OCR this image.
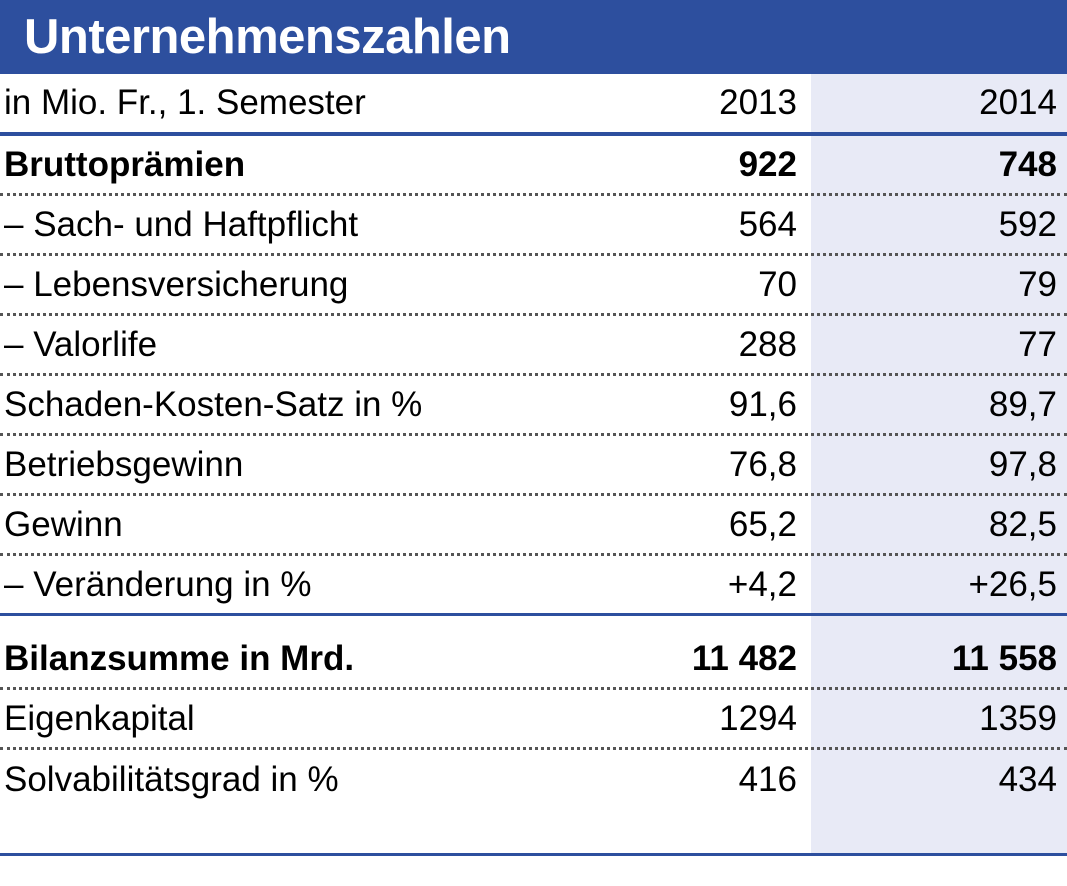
Unternehmenszahlen
in Mio. Fr., 1. Semester	2013	2014
Bruttoprämien	922	748
– Sach- und Haftpflicht	564	592
– Lebensversicherung	70	79
– Valorlife	288	77
Schaden-Kosten-Satz in %	91,6	89,7
Betriebsgewinn	76,8	97,8
Gewinn	65,2	82,5
– Veränderung in %	+4,2	+26,5
Bilanzsumme in Mrd.	11 482	11 558
Eigenkapital	1294	1359
Solvabilitätsgrad in %	416	434
